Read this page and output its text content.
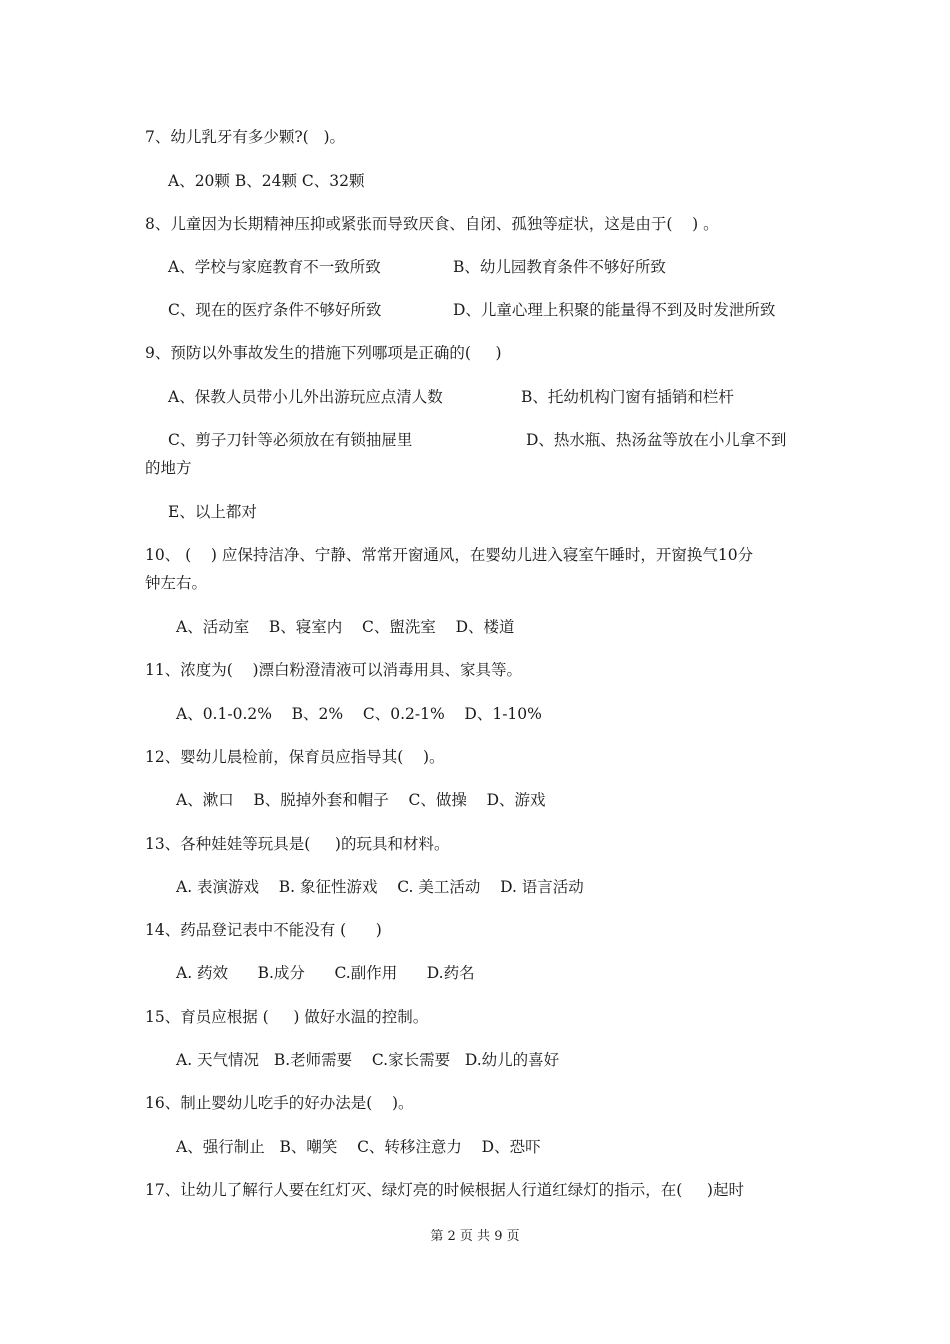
7、幼儿乳牙有多少颗?(   )。
A、20颗 B、24颗 C、32颗
8、儿童因为长期精神压抑或紧张而导致厌食、自闭、孤独等症状，这是由于(    ) 。
A、学校与家庭教育不一致所致	B、幼儿园教育条件不够好所致
C、现在的医疗条件不够好所致	D、儿童心理上积聚的能量得不到及时发泄所致
9、预防以外事故发生的措施下列哪项是正确的(     )
A、保教人员带小儿外出游玩应点清人数	B、托幼机构门窗有插销和栏杆
C、剪子刀针等必须放在有锁抽屉里	D、热水瓶、热汤盆等放在小儿拿不到
的地方
E、以上都对
10、 (    ) 应保持洁净、宁静、常常开窗通风，在婴幼儿进入寝室午睡时，开窗换气10分
钟左右。
A、活动室    B、寝室内    C、盥洗室    D、楼道
11、浓度为(    )漂白粉澄清液可以消毒用具、家具等。
A、0.1-0.2%    B、2%    C、0.2-1%    D、1-10%
12、婴幼儿晨检前，保育员应指导其(    )。
A、漱口    B、脱掉外套和帽子    C、做操    D、游戏
13、各种娃娃等玩具是(     )的玩具和材料。
A. 表演游戏    B. 象征性游戏    C. 美工活动    D. 语言活动
14、药品登记表中不能没有 (      )
A. 药效      B.成分      C.副作用      D.药名
15、育员应根据 (     ) 做好水温的控制。
A. 天气情况   B.老师需要    C.家长需要   D.幼儿的喜好
16、制止婴幼儿吃手的好办法是(    )。
A、强行制止   B、嘲笑    C、转移注意力    D、恐吓
17、让幼儿了解行人要在红灯灭、绿灯亮的时候根据人行道红绿灯的指示，在(     )起时
第 2 页 共 9 页
